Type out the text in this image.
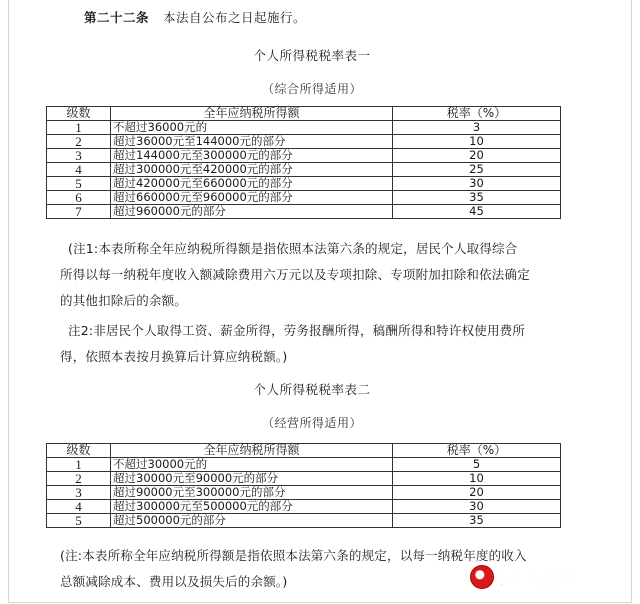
第二十二条 本法自公布之日起施行。
个人所得税税率表一
（综合所得适用）
级数	全年应纳税所得额	税率（%）
1	不超过36000元的	3
2	超过36000元至144000元的部分	10
3	超过144000元至300000元的部分	20
4	超过300000元至420000元的部分	25
5	超过420000元至660000元的部分	30
6	超过660000元至960000元的部分	35
7	超过960000元的部分	45
(注1:本表所称全年应纳税所得额是指依照本法第六条的规定，居民个人取得综合所得以每一纳税年度收入额减除费用六万元以及专项扣除、专项附加扣除和依法确定的其他扣除后的余额。
注2:非居民个人取得工资、薪金所得，劳务报酬所得，稿酬所得和特许权使用费所得，依照本表按月换算后计算应纳税额。)
个人所得税税率表二
（经营所得适用）
级数	全年应纳税所得额	税率（%）
1	不超过30000元的	5
2	超过30000元至90000元的部分	10
3	超过90000元至300000元的部分	20
4	超过300000元至500000元的部分	30
5	超过500000元的部分	35
(注:本表所称全年应纳税所得额是指依照本法第六条的规定，以每一纳税年度的收入总额减除成本、费用以及损失后的余额。)	江西龙网
